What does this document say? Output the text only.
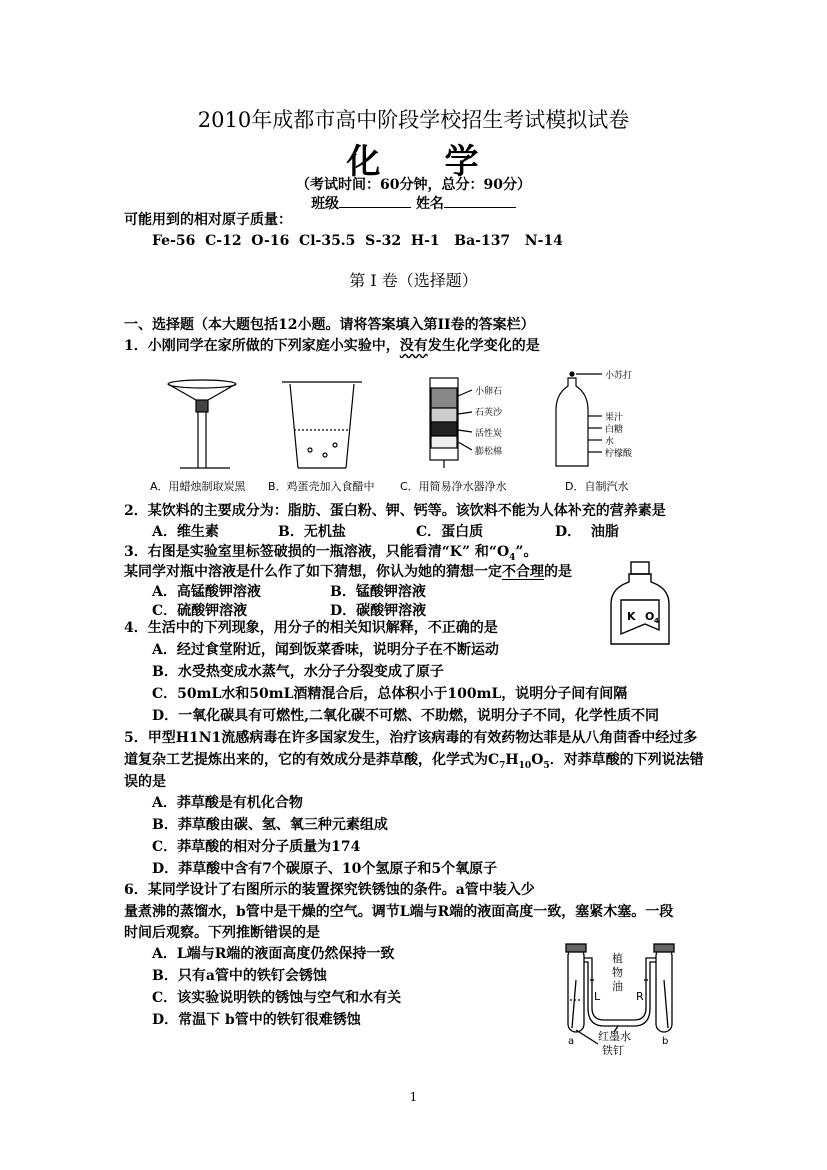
2010年成都市高中阶段学校招生考试模拟试卷
化 学
（考试时间：60分钟，总分：90分）
班级	姓名
可能用到的相对原子质量：
Fe-56  C-12  O-16  Cl-35.5  S-32  H-1   Ba-137   N-14
第 I 卷（选择题）
一、选择题（本大题包括12小题。请将答案填入第II卷的答案栏）
1．小刚同学在家所做的下列家庭小实验中，没有发生化学变化的是
小卵石
石英沙
活性炭
膨松棉
小苏打
果汁
白糖
水
柠檬酸
A．用蜡烛制取炭黑 B．鸡蛋壳加入食醋中 C．用简易净水器净水	D．自制汽水
2．某饮料的主要成分为：脂肪、蛋白粉、钾、钙等。该饮料不能为人体补充的营养素是
A．维生素	B．无机盐	C．蛋白质	D．  油脂
3．右图是实验室里标签破损的一瓶溶液，只能看清“K” 和“$O_4$”。
某同学对瓶中溶液是什么作了如下猜想，你认为她的猜想一定不合理的是
A．高锰酸钾溶液	B．锰酸钾溶液
C．硫酸钾溶液	D．碳酸钾溶液	K O 4
4．生活中的下列现象，用分子的相关知识解释，不正确的是
A．经过食堂附近，闻到饭菜香味，说明分子在不断运动
B．水受热变成水蒸气，水分子分裂变成了原子
C．50mL水和50mL酒精混合后，总体积小于100mL，说明分子间有间隔
D．一氧化碳具有可燃性,二氧化碳不可燃、不助燃，说明分子不同，化学性质不同
5．甲型H1N1流感病毒在许多国家发生，治疗该病毒的有效药物达菲是从八角茴香中经过多
道复杂工艺提炼出来的，它的有效成分是莽草酸，化学式为$C_7H_{10}O_5$．对莽草酸的下列说法错
误的是
A．莽草酸是有机化合物
B．莽草酸由碳、氢、氧三种元素组成
C．莽草酸的相对分子质量为174
D．莽草酸中含有7个碳原子、10个氢原子和5个氧原子
6．某同学设计了右图所示的装置探究铁锈蚀的条件。a管中装入少
量煮沸的蒸馏水，b管中是干燥的空气。调节L端与R端的液面高度一致，塞紧木塞。一段
时间后观察。下列推断错误的是
A．L端与R端的液面高度仍然保持一致
B．只有a管中的铁钉会锈蚀
C．该实验说明铁的锈蚀与空气和水有关
D．常温下 b管中的铁钉很难锈蚀
植
物
油
L	R
红墨水
铁钉
a	b
1
